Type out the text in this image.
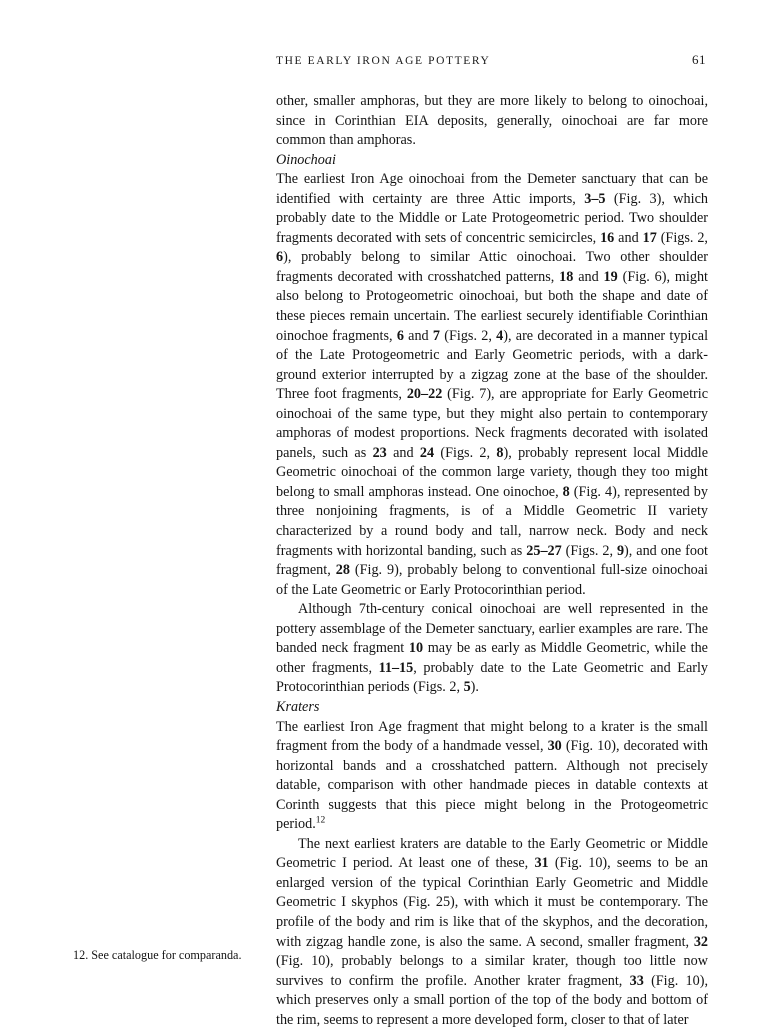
THE EARLY IRON AGE POTTERY	61

other, smaller amphoras, but they are more likely to belong to oinochoai, since in Corinthian EIA deposits, generally, oinochoai are far more common than amphoras.

Oinochoai

The earliest Iron Age oinochoai from the Demeter sanctuary that can be identified with certainty are three Attic imports, 3–5 (Fig. 3), which probably date to the Middle or Late Protogeometric period. Two shoulder fragments decorated with sets of concentric semicircles, 16 and 17 (Figs. 2, 6), probably belong to similar Attic oinochoai. Two other shoulder fragments decorated with crosshatched patterns, 18 and 19 (Fig. 6), might also belong to Protogeometric oinochoai, but both the shape and date of these pieces remain uncertain. The earliest securely identifiable Corinthian oinochoe fragments, 6 and 7 (Figs. 2, 4), are decorated in a manner typical of the Late Protogeometric and Early Geometric periods, with a dark-ground exterior interrupted by a zigzag zone at the base of the shoulder. Three foot fragments, 20–22 (Fig. 7), are appropriate for Early Geometric oinochoai of the same type, but they might also pertain to contemporary amphoras of modest proportions. Neck fragments decorated with isolated panels, such as 23 and 24 (Figs. 2, 8), probably represent local Middle Geometric oinochoai of the common large variety, though they too might belong to small amphoras instead. One oinochoe, 8 (Fig. 4), represented by three nonjoining fragments, is of a Middle Geometric II variety characterized by a round body and tall, narrow neck. Body and neck fragments with horizontal banding, such as 25–27 (Figs. 2, 9), and one foot fragment, 28 (Fig. 9), probably belong to conventional full-size oinochoai of the Late Geometric or Early Protocorinthian period.

Although 7th-century conical oinochoai are well represented in the pottery assemblage of the Demeter sanctuary, earlier examples are rare. The banded neck fragment 10 may be as early as Middle Geometric, while the other fragments, 11–15, probably date to the Late Geometric and Early Protocorinthian periods (Figs. 2, 5).

Kraters

The earliest Iron Age fragment that might belong to a krater is the small fragment from the body of a handmade vessel, 30 (Fig. 10), decorated with horizontal bands and a crosshatched pattern. Although not precisely datable, comparison with other handmade pieces in datable contexts at Corinth suggests that this piece might belong in the Protogeometric period.$^{12}$

The next earliest kraters are datable to the Early Geometric or Middle Geometric I period. At least one of these, 31 (Fig. 10), seems to be an enlarged version of the typical Corinthian Early Geometric and Middle Geometric I skyphos (Fig. 25), with which it must be contemporary. The profile of the body and rim is like that of the skyphos, and the decoration, with zigzag handle zone, is also the same. A second, smaller fragment, 32 (Fig. 10), probably belongs to a similar krater, though too little now survives to confirm the profile. Another krater fragment, 33 (Fig. 10), which preserves only a small portion of the top of the body and bottom of the rim, seems to represent a more developed form, closer to that of later

12. See catalogue for comparanda.
